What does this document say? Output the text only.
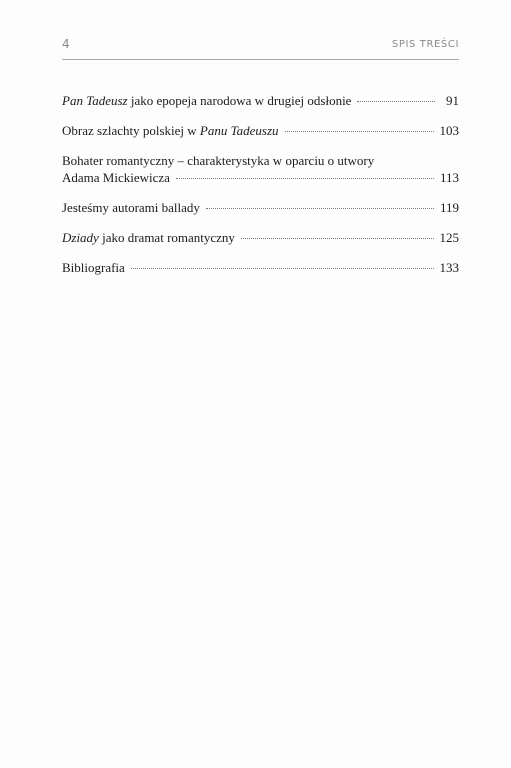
4	SPIS TREŚCI
Pan Tadeusz jako epopeja narodowa w drugiej odsłonie	91
Obraz szlachty polskiej w Panu Tadeuszu	103
Bohater romantyczny – charakterystyka w oparciu o utwory
Adama Mickiewicza	113
Jesteśmy autorami ballady	119
Dziady jako dramat romantyczny	125
Bibliografia	133
